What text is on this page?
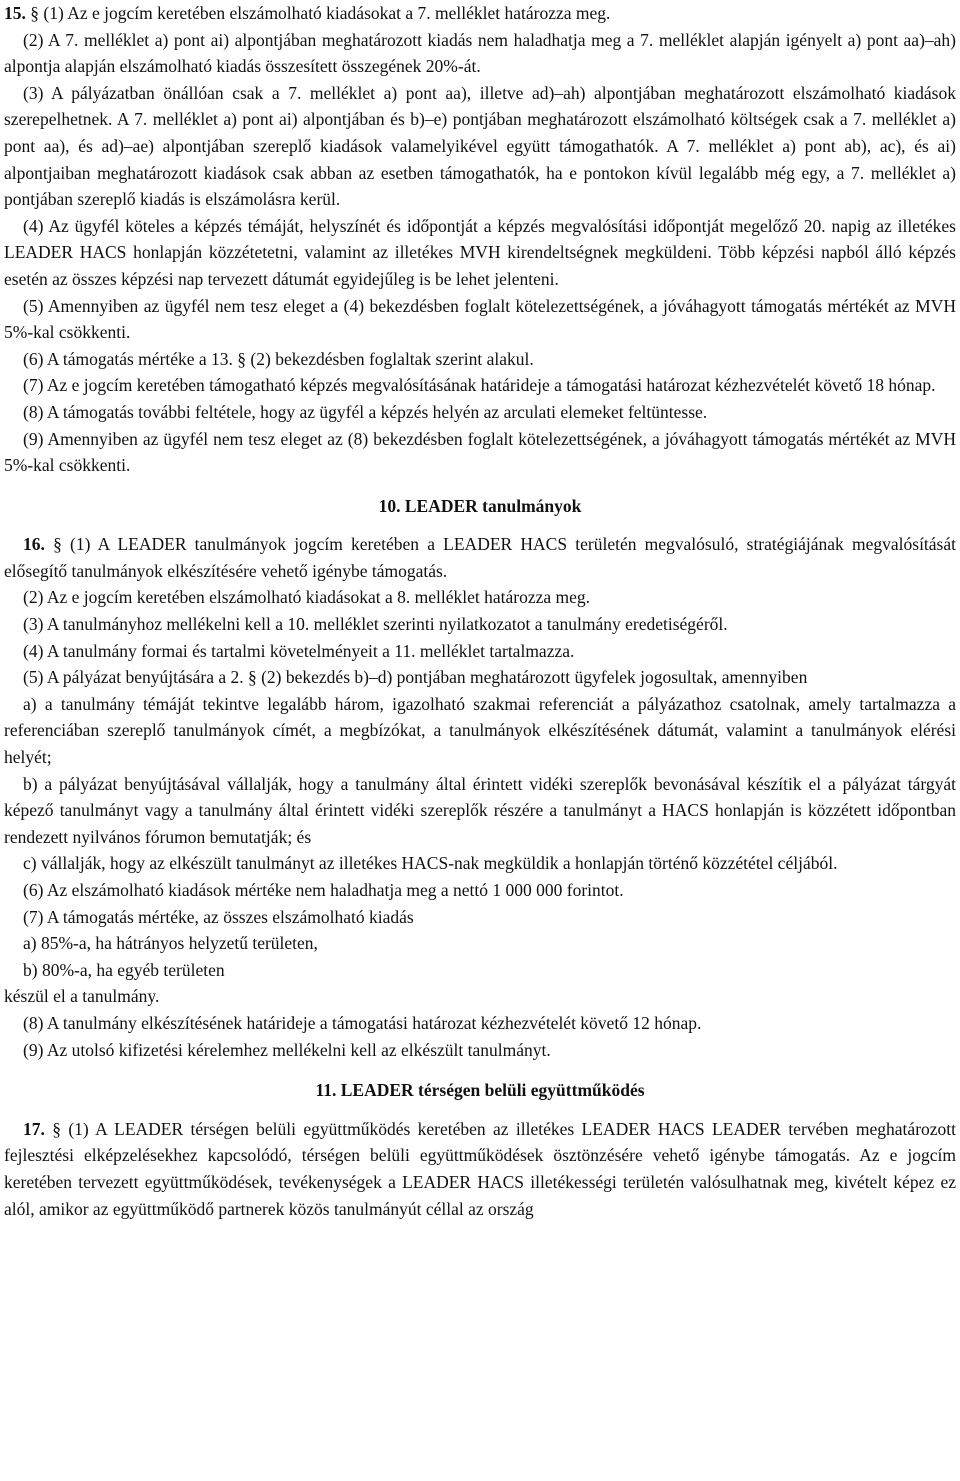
15. § (1) Az e jogcím keretében elszámolható kiadásokat a 7. melléklet határozza meg.

(2) A 7. melléklet a) pont ai) alpontjában meghatározott kiadás nem haladhatja meg a 7. melléklet alapján igényelt a) pont aa)–ah) alpontja alapján elszámolható kiadás összesített összegének 20%-át.

(3) A pályázatban önállóan csak a 7. melléklet a) pont aa), illetve ad)–ah) alpontjában meghatározott elszámolható kiadások szerepelhetnek. A 7. melléklet a) pont ai) alpontjában és b)–e) pontjában meghatározott elszámolható költségek csak a 7. melléklet a) pont aa), és ad)–ae) alpontjában szereplő kiadások valamelyikével együtt támogathatók. A 7. melléklet a) pont ab), ac), és ai) alpontjaiban meghatározott kiadások csak abban az esetben támogathatók, ha e pontokon kívül legalább még egy, a 7. melléklet a) pontjában szereplő kiadás is elszámolásra kerül.

(4) Az ügyfél köteles a képzés témáját, helyszínét és időpontját a képzés megvalósítási időpontját megelőző 20. napig az illetékes LEADER HACS honlapján közzétetetni, valamint az illetékes MVH kirendeltségnek megküldeni. Több képzési napból álló képzés esetén az összes képzési nap tervezett dátumát egyidejűleg is be lehet jelenteni.

(5) Amennyiben az ügyfél nem tesz eleget a (4) bekezdésben foglalt kötelezettségének, a jóváhagyott támogatás mértékét az MVH 5%-kal csökkenti.

(6) A támogatás mértéke a 13. § (2) bekezdésben foglaltak szerint alakul.

(7) Az e jogcím keretében támogatható képzés megvalósításának határideje a támogatási határozat kézhezvételét követő 18 hónap.

(8) A támogatás további feltétele, hogy az ügyfél a képzés helyén az arculati elemeket feltüntesse.

(9) Amennyiben az ügyfél nem tesz eleget az (8) bekezdésben foglalt kötelezettségének, a jóváhagyott támogatás mértékét az MVH 5%-kal csökkenti.

10. LEADER tanulmányok

16. § (1) A LEADER tanulmányok jogcím keretében a LEADER HACS területén megvalósuló, stratégiájának megvalósítását elősegítő tanulmányok elkészítésére vehető igénybe támogatás.

(2) Az e jogcím keretében elszámolható kiadásokat a 8. melléklet határozza meg.

(3) A tanulmányhoz mellékelni kell a 10. melléklet szerinti nyilatkozatot a tanulmány eredetiségéről.

(4) A tanulmány formai és tartalmi követelményeit a 11. melléklet tartalmazza.

(5) A pályázat benyújtására a 2. § (2) bekezdés b)–d) pontjában meghatározott ügyfelek jogosultak, amennyiben

a) a tanulmány témáját tekintve legalább három, igazolható szakmai referenciát a pályázathoz csatolnak, amely tartalmazza a referenciában szereplő tanulmányok címét, a megbízókat, a tanulmányok elkészítésének dátumát, valamint a tanulmányok elérési helyét;

b) a pályázat benyújtásával vállalják, hogy a tanulmány által érintett vidéki szereplők bevonásával készítik el a pályázat tárgyát képező tanulmányt vagy a tanulmány által érintett vidéki szereplők részére a tanulmányt a HACS honlapján is közzétett időpontban rendezett nyilvános fórumon bemutatják; és

c) vállalják, hogy az elkészült tanulmányt az illetékes HACS-nak megküldik a honlapján történő közzététel céljából.

(6) Az elszámolható kiadások mértéke nem haladhatja meg a nettó 1 000 000 forintot.

(7) A támogatás mértéke, az összes elszámolható kiadás

a) 85%-a, ha hátrányos helyzetű területen,

b) 80%-a, ha egyéb területen

készül el a tanulmány.

(8) A tanulmány elkészítésének határideje a támogatási határozat kézhezvételét követő 12 hónap.

(9) Az utolsó kifizetési kérelemhez mellékelni kell az elkészült tanulmányt.

11. LEADER térségen belüli együttműködés

17. § (1) A LEADER térségen belüli együttműködés keretében az illetékes LEADER HACS LEADER tervében meghatározott fejlesztési elképzelésekhez kapcsolódó, térségen belüli együttműködések ösztönzésére vehető igénybe támogatás. Az e jogcím keretében tervezett együttműködések, tevékenységek a LEADER HACS illetékességi területén valósulhatnak meg, kivételt képez ez alól, amikor az együttműködő partnerek közös tanulmányút céllal az ország
